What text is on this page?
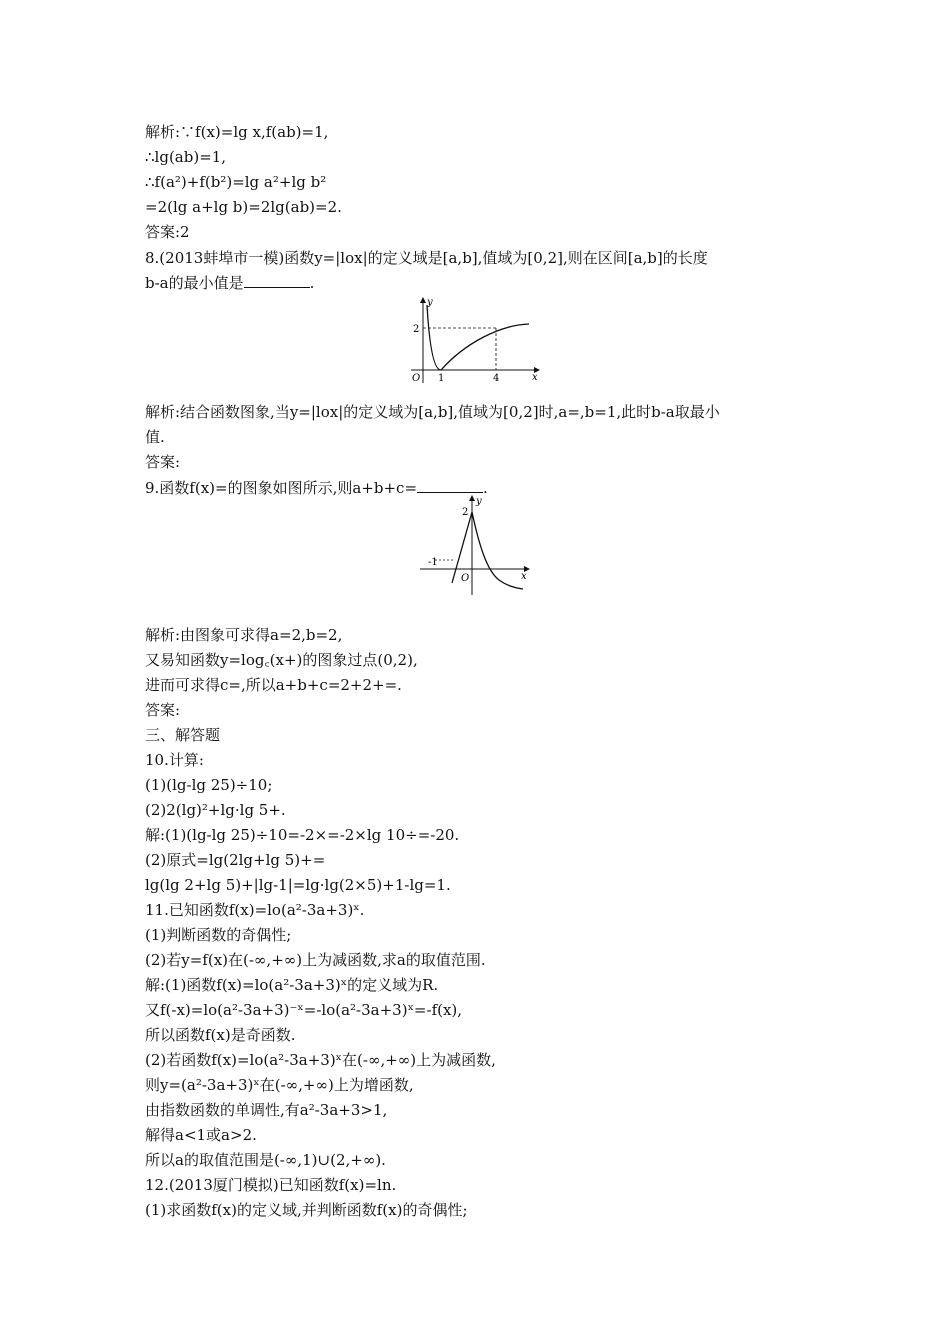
解析:∵f(x)=lg x,f(ab)=1,
∴lg(ab)=1,
∴f(a²)+f(b²)=lg a²+lg b²
=2(lg a+lg b)=2lg(ab)=2.
答案:2
8.(2013蚌埠市一模)函数y=|lox|的定义域是[a,b],值域为[0,2],则在区间[a,b]的长度
b-a的最小值是	.
y
x
O
2
1	4
解析:结合函数图象,当y=|lox|的定义域为[a,b],值域为[0,2]时,a=,b=1,此时b-a取最小
值.
答案:
9.函数f(x)=的图象如图所示,则a+b+c=	.
y
x
O
2
-1
解析:由图象可求得a=2,b=2,
又易知函数y=log꜀(x+)的图象过点(0,2),
进而可求得c=,所以a+b+c=2+2+=.
答案:
三、解答题
10.计算:
(1)(lg-lg 25)÷10;
(2)2(lg)²+lg·lg 5+.
解:(1)(lg-lg 25)÷10=-2×=-2×lg 10÷=-20.
(2)原式=lg(2lg+lg 5)+=
lg(lg 2+lg 5)+|lg-1|=lg·lg(2×5)+1-lg=1.
11.已知函数f(x)=lo(a²-3a+3)ˣ.
(1)判断函数的奇偶性;
(2)若y=f(x)在(-∞,+∞)上为减函数,求a的取值范围.
解:(1)函数f(x)=lo(a²-3a+3)ˣ的定义域为R.
又f(-x)=lo(a²-3a+3)⁻ˣ=-lo(a²-3a+3)ˣ=-f(x),
所以函数f(x)是奇函数.
(2)若函数f(x)=lo(a²-3a+3)ˣ在(-∞,+∞)上为减函数,
则y=(a²-3a+3)ˣ在(-∞,+∞)上为增函数,
由指数函数的单调性,有a²-3a+3>1,
解得a<1或a>2.
所以a的取值范围是(-∞,1)∪(2,+∞).
12.(2013厦门模拟)已知函数f(x)=ln.
(1)求函数f(x)的定义域,并判断函数f(x)的奇偶性;
